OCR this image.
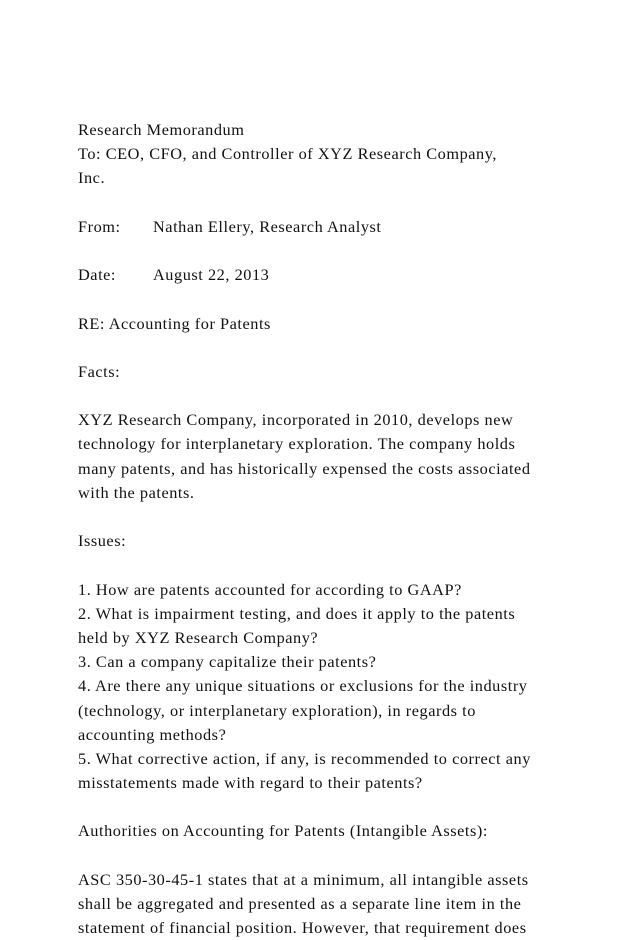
Research Memorandum
To: CEO, CFO, and Controller of XYZ Research Company,
Inc.
From: Nathan Ellery, Research Analyst
Date: August 22, 2013
RE: Accounting for Patents
Facts:
XYZ Research Company, incorporated in 2010, develops new
technology for interplanetary exploration. The company holds
many patents, and has historically expensed the costs associated
with the patents.
Issues:
1. How are patents accounted for according to GAAP?
2. What is impairment testing, and does it apply to the patents
held by XYZ Research Company?
3. Can a company capitalize their patents?
4. Are there any unique situations or exclusions for the industry
(technology, or interplanetary exploration), in regards to
accounting methods?
5. What corrective action, if any, is recommended to correct any
misstatements made with regard to their patents?
Authorities on Accounting for Patents (Intangible Assets):
ASC 350-30-45-1 states that at a minimum, all intangible assets
shall be aggregated and presented as a separate line item in the
statement of financial position. However, that requirement does
